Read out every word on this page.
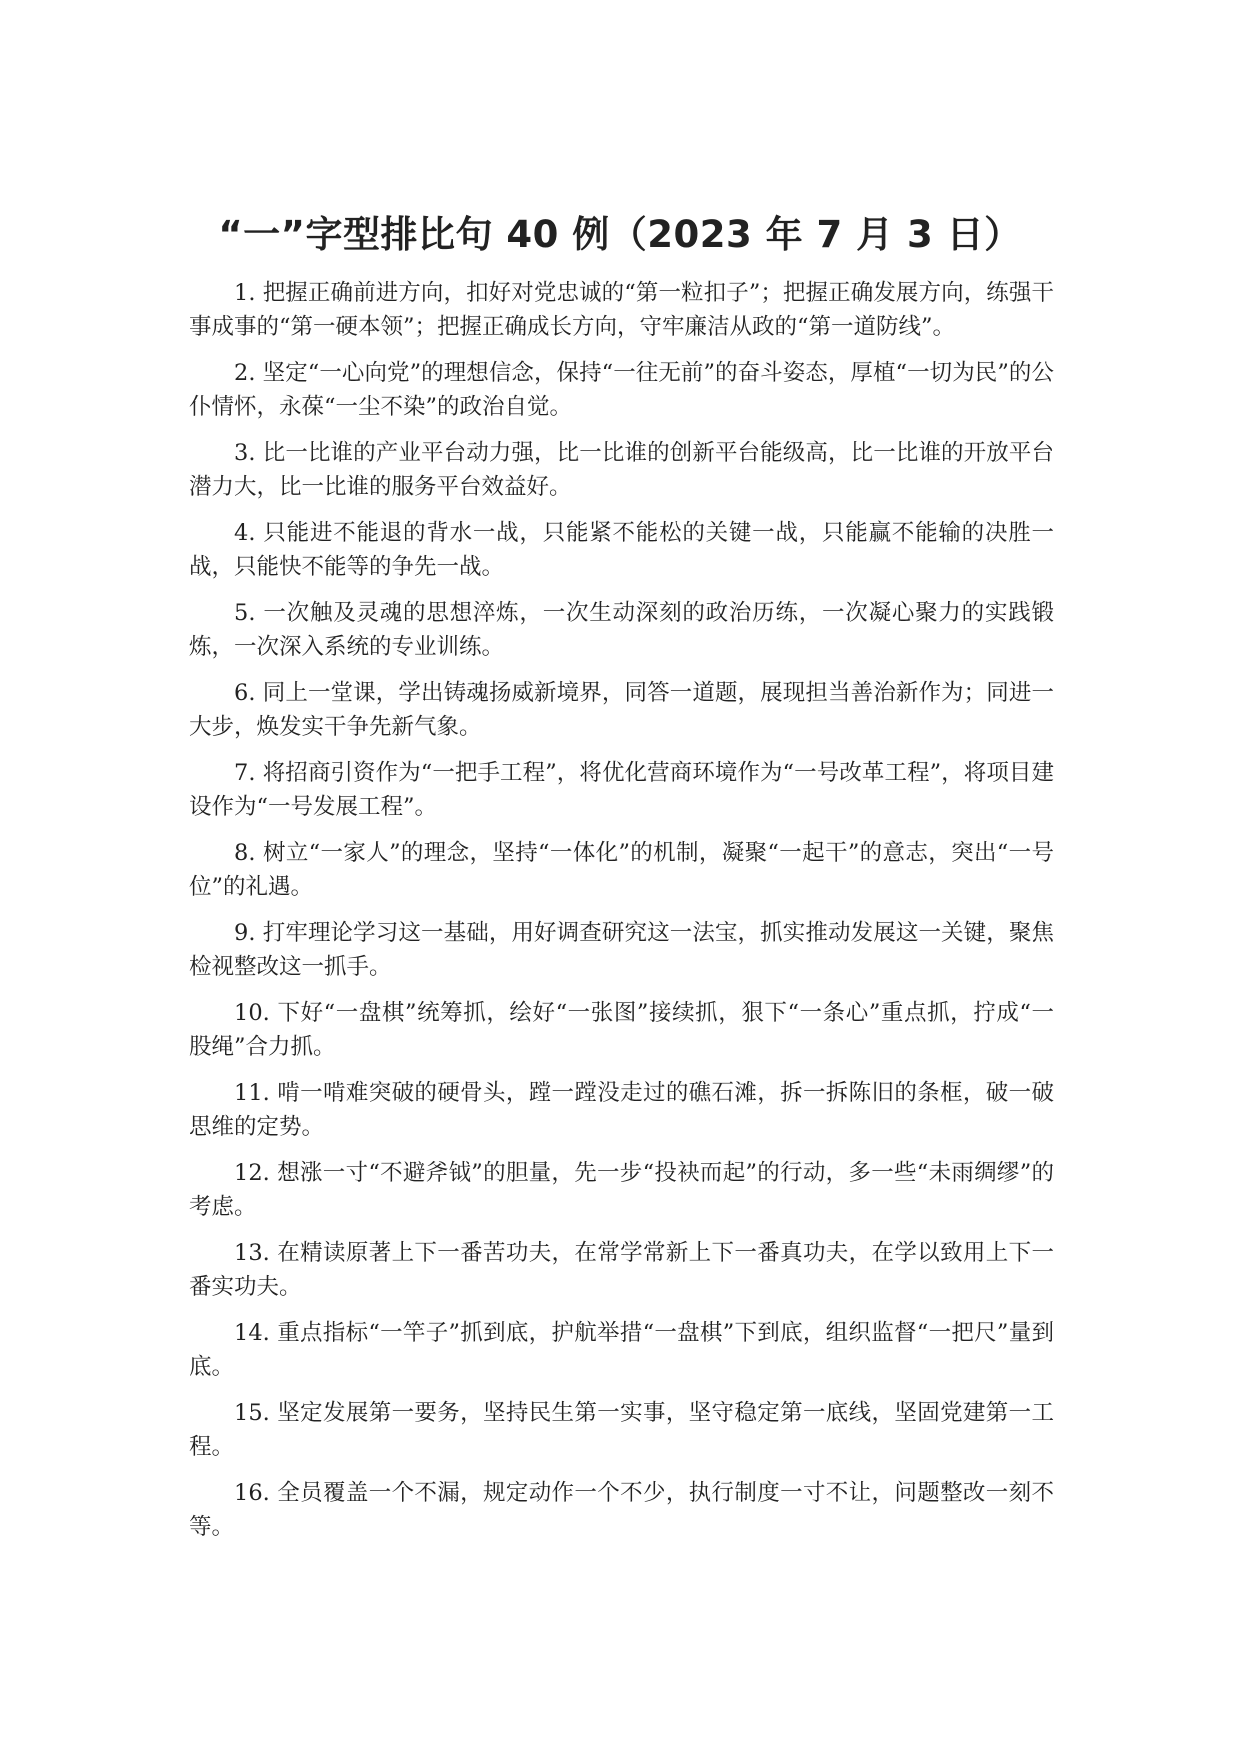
“一”字型排比句 40 例（2023 年 7 月 3 日）

1. 把握正确前进方向，扣好对党忠诚的“第一粒扣子”；把握正确发展方向，练强干事成事的“第一硬本领”；把握正确成长方向，守牢廉洁从政的“第一道防线”。

2. 坚定“一心向党”的理想信念，保持“一往无前”的奋斗姿态，厚植“一切为民”的公仆情怀，永葆“一尘不染”的政治自觉。

3. 比一比谁的产业平台动力强，比一比谁的创新平台能级高，比一比谁的开放平台潜力大，比一比谁的服务平台效益好。

4. 只能进不能退的背水一战，只能紧不能松的关键一战，只能赢不能输的决胜一战，只能快不能等的争先一战。

5. 一次触及灵魂的思想淬炼，一次生动深刻的政治历练，一次凝心聚力的实践锻炼，一次深入系统的专业训练。

6. 同上一堂课，学出铸魂扬威新境界，同答一道题，展现担当善治新作为；同进一大步，焕发实干争先新气象。

7. 将招商引资作为“一把手工程”，将优化营商环境作为“一号改革工程”，将项目建设作为“一号发展工程”。

8. 树立“一家人”的理念，坚持“一体化”的机制，凝聚“一起干”的意志，突出“一号位”的礼遇。

9. 打牢理论学习这一基础，用好调查研究这一法宝，抓实推动发展这一关键，聚焦检视整改这一抓手。

10. 下好“一盘棋”统筹抓，绘好“一张图”接续抓，狠下“一条心”重点抓，拧成“一股绳”合力抓。

11. 啃一啃难突破的硬骨头，蹚一蹚没走过的礁石滩，拆一拆陈旧的条框，破一破思维的定势。

12. 想涨一寸“不避斧钺”的胆量，先一步“投袂而起”的行动，多一些“未雨绸缪”的考虑。

13. 在精读原著上下一番苦功夫，在常学常新上下一番真功夫，在学以致用上下一番实功夫。

14. 重点指标“一竿子”抓到底，护航举措“一盘棋”下到底，组织监督“一把尺”量到底。

15. 坚定发展第一要务，坚持民生第一实事，坚守稳定第一底线，坚固党建第一工程。

16. 全员覆盖一个不漏，规定动作一个不少，执行制度一寸不让，问题整改一刻不等。
